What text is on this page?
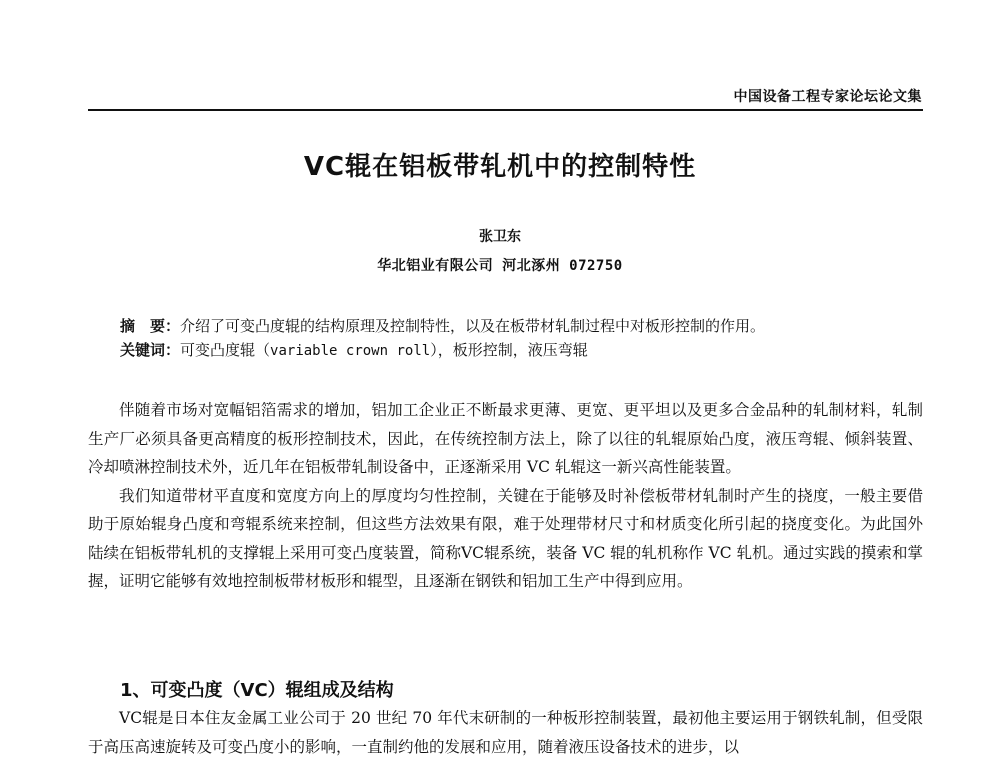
中国设备工程专家论坛论文集
VC辊在铝板带轧机中的控制特性
张卫东
华北铝业有限公司 河北涿州 072750
摘　要：介绍了可变凸度辊的结构原理及控制特性，以及在板带材轧制过程中对板形控制的作用。
关键词：可变凸度辊（variable crown roll），板形控制，液压弯辊

伴随着市场对宽幅铝箔需求的增加，铝加工企业正不断最求更薄、更宽、更平坦以及更多合金品种的轧制材料，轧制生产厂必须具备更高精度的板形控制技术，因此，在传统控制方法上，除了以往的轧辊原始凸度，液压弯辊、倾斜装置、冷却喷淋控制技术外，近几年在铝板带轧制设备中，正逐渐采用 VC 轧辊这一新兴高性能装置。

我们知道带材平直度和宽度方向上的厚度均匀性控制，关键在于能够及时补偿板带材轧制时产生的挠度，一般主要借助于原始辊身凸度和弯辊系统来控制，但这些方法效果有限，难于处理带材尺寸和材质变化所引起的挠度变化。为此国外陆续在铝板带轧机的支撑辊上采用可变凸度装置，简称VC辊系统，装备 VC 辊的轧机称作 VC 轧机。通过实践的摸索和掌握，证明它能够有效地控制板带材板形和辊型，且逐渐在钢铁和铝加工生产中得到应用。

1、可变凸度（VC）辊组成及结构

VC辊是日本住友金属工业公司于 20 世纪 70 年代末研制的一种板形控制装置，最初他主要运用于钢铁轧制，但受限于高压高速旋转及可变凸度小的影响，一直制约他的发展和应用，随着液压设备技术的进步，以
